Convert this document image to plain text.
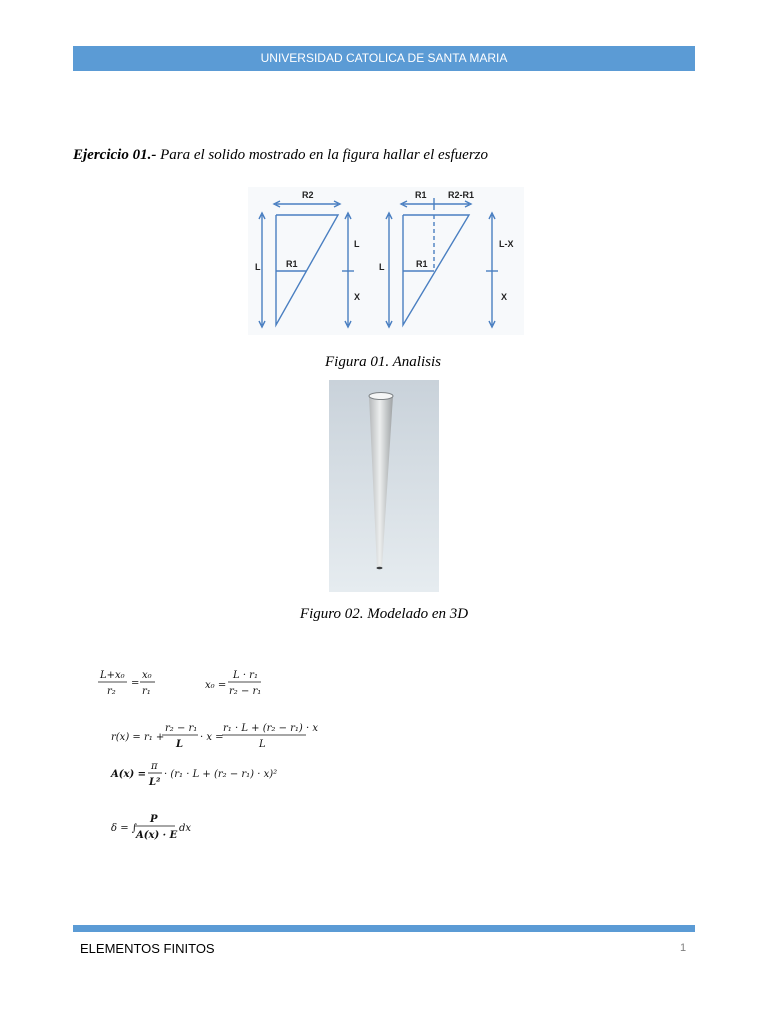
UNIVERSIDAD CATOLICA DE SANTA MARIA
Ejercicio 01.- Para el solido mostrado en la figura hallar el esfuerzo
R2
R1
L
L
X
R1 R2-R1
R1
L
L-X
X
Figura 01. Analisis
Figuro 02. Modelado en 3D
L+x₀
r₂
=
x₀
r₁
x₀ =
L · r₁
r₂ − r₁
r(x) = r₁ +
r₂ − r₁
L
· x =
r₁ · L + (r₂ − r₁) · x
L
A(x) =
π
L²
· (r₁ · L + (r₂ − r₁) · x)²
δ = ∫
P
A(x) · E
dx
ELEMENTOS FINITOS	1
